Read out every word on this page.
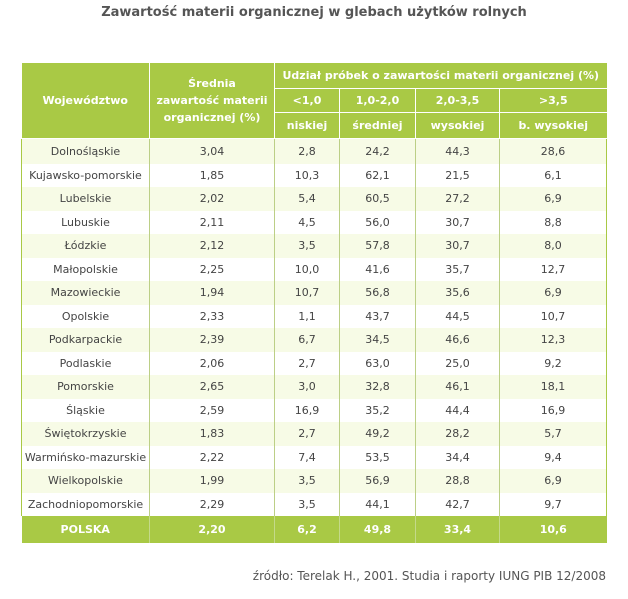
Zawartość materii organicznej w glebach użytków rolnych
Województwo	Średnia zawartość materii organicznej (%)	Udział próbek o zawartości materii organicznej (%)			
		<1,0	1,0-2,0	2,0-3,5	>3,5
		niskiej	średniej	wysokiej	b. wysokiej
Dolnośląskie	3,04	2,8	24,2	44,3	28,6
Kujawsko-pomorskie	1,85	10,3	62,1	21,5	6,1
Lubelskie	2,02	5,4	60,5	27,2	6,9
Lubuskie	2,11	4,5	56,0	30,7	8,8
Łódzkie	2,12	3,5	57,8	30,7	8,0
Małopolskie	2,25	10,0	41,6	35,7	12,7
Mazowieckie	1,94	10,7	56,8	35,6	6,9
Opolskie	2,33	1,1	43,7	44,5	10,7
Podkarpackie	2,39	6,7	34,5	46,6	12,3
Podlaskie	2,06	2,7	63,0	25,0	9,2
Pomorskie	2,65	3,0	32,8	46,1	18,1
Śląskie	2,59	16,9	35,2	44,4	16,9
Świętokrzyskie	1,83	2,7	49,2	28,2	5,7
Warmińsko-mazurskie	2,22	7,4	53,5	34,4	9,4
Wielkopolskie	1,99	3,5	56,9	28,8	6,9
Zachodniopomorskie	2,29	3,5	44,1	42,7	9,7
POLSKA	2,20	6,2	49,8	33,4	10,6
źródło: Terelak H., 2001. Studia i raporty IUNG PIB 12/2008
